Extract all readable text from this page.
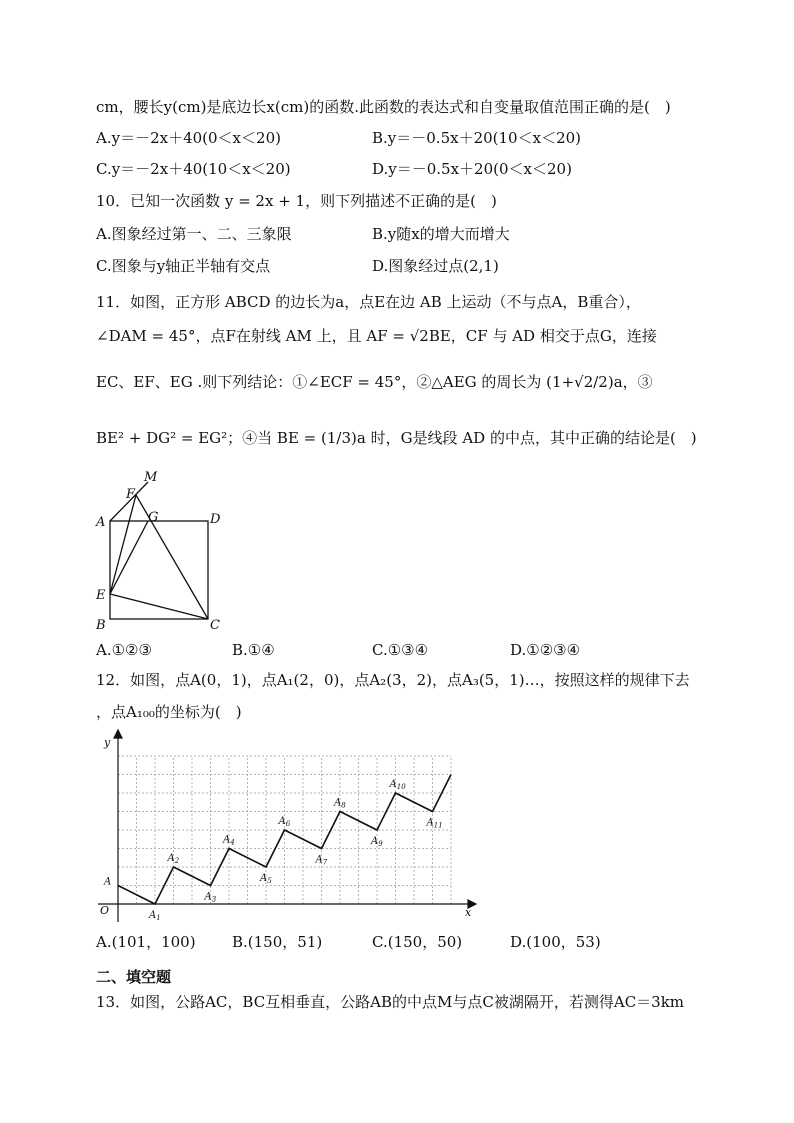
cm，腰长y(cm)是底边长x(cm)的函数.此函数的表达式和自变量取值范围正确的是(　)
A.y＝－2x＋40(0＜x＜20)	B.y＝－0.5x＋20(10＜x＜20)
C.y＝－2x＋40(10＜x＜20)	D.y＝－0.5x＋20(0＜x＜20)
10．已知一次函数 y = 2x + 1，则下列描述不正确的是(　)
A.图象经过第一、二、三象限	B.y随x的增大而增大
C.图象与y轴正半轴有交点	D.图象经过点(2,1)
11．如图，正方形 ABCD 的边长为a，点E在边 AB 上运动（不与点A，B重合），
∠DAM = 45°，点F在射线 AM 上，且 AF = √2BE，CF 与 AD 相交于点G，连接
EC、EF、EG .则下列结论：①∠ECF = 45°，②△AEG 的周长为 (1+√2/2)a，③
BE² + DG² = EG²；④当 BE = (1/3)a 时，G是线段 AD 的中点，其中正确的结论是(　)
M
F
A	G	D
E
B	C
A.①②③	B.①④	C.①③④	D.①②③④
12．如图，点A(0，1)，点A₁(2，0)，点A₂(3，2)，点A₃(5，1)…，按照这样的规律下去
，点A₁₀₀的坐标为(　)
x
y
O
A
$A_1$
$A_2$
$A_3$
$A_4$
$A_5$
$A_6$
$A_7$
$A_8$
$A_9$
$A_{10}$
$A_{11}$
A.(101，100) B.(150，51)	C.(150，50)	D.(100，53)
二、填空题
13．如图，公路AC，BC互相垂直，公路AB的中点M与点C被湖隔开，若测得AC＝3km
